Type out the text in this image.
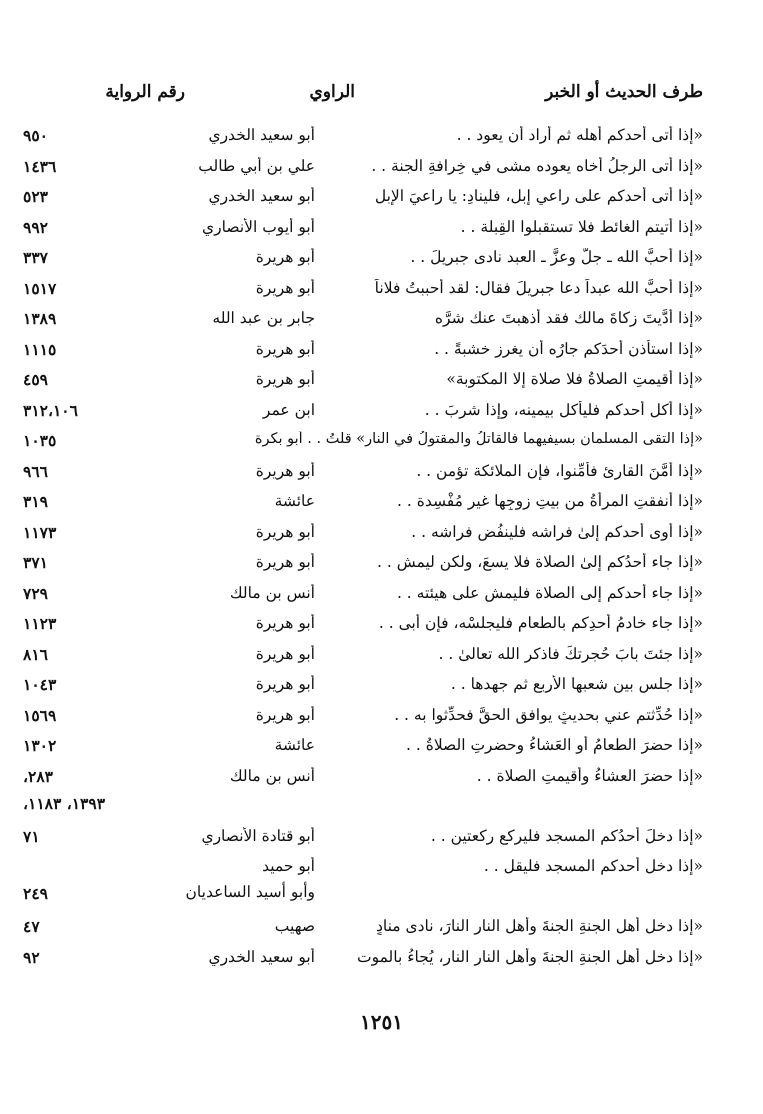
طرف الحديث أو الخبر
الراوي
رقم الرواية
«إذا أتى أحدكم أهله ثم أراد أن يعود . .
أبو سعيد الخدري
٩٥٠
«إذا أتى الرجلُ أخاه يعوده مشى في خِرافةِ الجنة . .
علي بن أبي طالب
١٤٣٦
«إذا أتى أحدكم على راعي إبل، فلينادِ: يا راعيَ الإبل
أبو سعيد الخدري
٥٢٣
«إذا أتيتم الغائط فلا تستقبلوا القِبلة . .
أبو أيوب الأنصاري
٩٩٢
«إذا أحبَّ الله ـ جلَّ وعزَّ ـ العبد نادى جبريلَ . .
أبو هريرة
٣٣٧
«إذا أحبَّ الله عبداً دعا جبريلَ فقال: لقد أحببتُ فلاناً
أبو هريرة
١٥١٧
«إذا أدَّيتَ زكاةَ مالك فقد أذهبتَ عنك شرَّه
جابر بن عبد الله
١٣٨٩
«إذا استأذن أحدَكم جارُه أن يغرز خشبةً . .
أبو هريرة
١١١٥
«إذا أقيمتِ الصلاةُ فلا صلاة إلا المكتوبة»
أبو هريرة
٤٥٩
«إذا أكل أحدكم فليأكل بيمينه، وإذا شربَ . .
ابن عمر
٣١٢،١٠٦
«إذا التقى المسلمان بسيفيهما فالقاتلُ والمقتولُ في النار» قلتُ . . أبو بكرة
١٠٣٥
«إذا أمَّنَ القارئ فأمِّنوا، فإن الملائكة تؤمن . .
أبو هريرة
٩٦٦
«إذا أنفقتِ المرأةُ من بيتِ زوجِها غير مُفْسِدة . .
عائشة
٣١٩
«إذا أوى أحدكم إلىٰ فراشه فلينفُض فراشه . .
أبو هريرة
١١٧٣
«إذا جاء أحدُكم إلىٰ الصلاة فلا يسعَ، ولكن ليمش . .
أبو هريرة
٣٧١
«إذا جاء أحدكم إلى الصلاة فليمشِ على هيئته . .
أنس بن مالك
٧٢٩
«إذا جاء خادمُ أحدِكم بالطعامِ فليجلسْه، فإن أبى . .
أبو هريرة
١١٢٣
«إذا جئتَ بابَ حُجرتكَ فاذكر الله تعالىٰ . .
أبو هريرة
٨١٦
«إذا جلس بين شعبها الأربع ثم جهدها . .
أبو هريرة
١٠٤٣
«إذا حُدِّثتم عني بحديثٍ يوافق الحقَّ فحدِّثوا به . .
أبو هريرة
١٥٦٩
«إذا حضرَ الطعامُ أو العَشاءُ وحضرتِ الصلاةُ . .
عائشة
١٣٠٢
«إذا حضرَ العشاءُ وأقيمتِ الصلاة . .
أنس بن مالك
٢٨٣،
١٣٩٣، ١١٨٣،
«إذا دخلَ أحدُكم المسجد فليركع ركعتين . .
أبو قتادة الأنصاري
٧١
«إذا دخل أحدكم المسجد فليقل . .
أبو حميد
وأبو أسيد الساعديان
٢٤٩
«إذا دخل أهل الجنةِ الجنةَ وأهل النارِ النارَ، نادى منادٍ
صهيب
٤٧
«إذا دخل أهل الجنةِ الجنةَ وأهل النار النار، يُجاءُ بالموت
أبو سعيد الخدري
٩٢
١٢٥١
